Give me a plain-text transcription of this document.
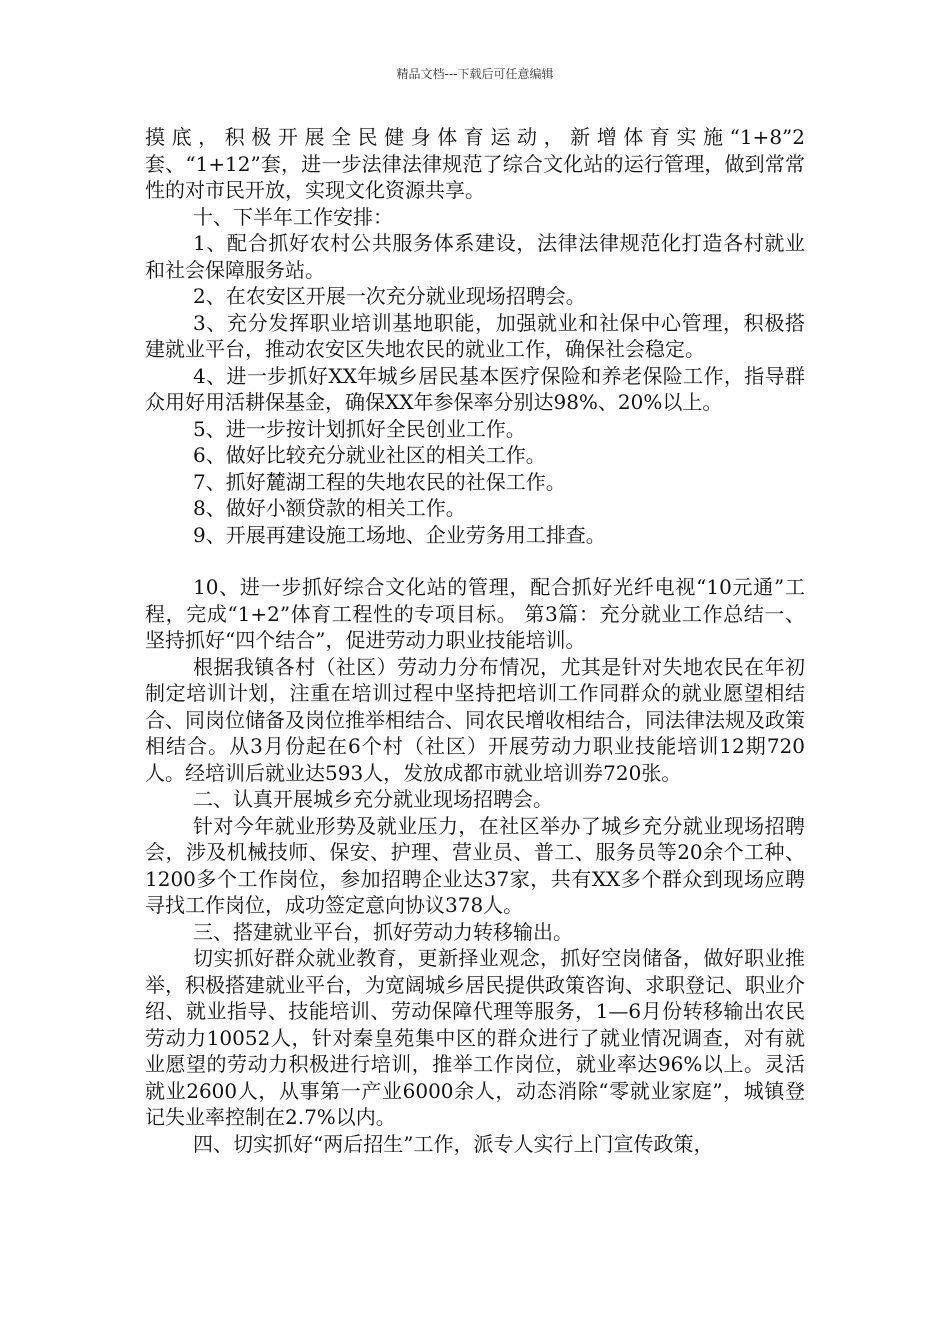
精品文档---下载后可任意编辑

摸底，积极开展全民健身体育运动，新增体育实施“1+8”2套、“1+12”套，进一步法律法律规范了综合文化站的运行管理，做到常常性的对市民开放，实现文化资源共享。

十、下半年工作安排：

1、配合抓好农村公共服务体系建设，法律法律规范化打造各村就业和社会保障服务站。

2、在农安区开展一次充分就业现场招聘会。

3、充分发挥职业培训基地职能，加强就业和社保中心管理，积极搭建就业平台，推动农安区失地农民的就业工作，确保社会稳定。

4、进一步抓好XX年城乡居民基本医疗保险和养老保险工作，指导群众用好用活耕保基金，确保XX年参保率分别达98%、20%以上。

5、进一步按计划抓好全民创业工作。

6、做好比较充分就业社区的相关工作。

7、抓好麓湖工程的失地农民的社保工作。

8、做好小额贷款的相关工作。

9、开展再建设施工场地、企业劳务用工排查。

10、进一步抓好综合文化站的管理，配合抓好光纤电视“10元通”工程，完成“1+2”体育工程性的专项目标。 第3篇：充分就业工作总结一、坚持抓好“四个结合”，促进劳动力职业技能培训。

根据我镇各村（社区）劳动力分布情况，尤其是针对失地农民在年初制定培训计划，注重在培训过程中坚持把培训工作同群众的就业愿望相结合、同岗位储备及岗位推举相结合、同农民增收相结合，同法律法规及政策相结合。从3月份起在6个村（社区）开展劳动力职业技能培训12期720人。经培训后就业达593人，发放成都市就业培训券720张。

二、认真开展城乡充分就业现场招聘会。

针对今年就业形势及就业压力，在社区举办了城乡充分就业现场招聘会，涉及机械技师、保安、护理、营业员、普工、服务员等20余个工种、1200多个工作岗位，参加招聘企业达37家，共有XX多个群众到现场应聘寻找工作岗位，成功签定意向协议378人。

三、搭建就业平台，抓好劳动力转移输出。

切实抓好群众就业教育，更新择业观念，抓好空岗储备，做好职业推举，积极搭建就业平台，为宽阔城乡居民提供政策咨询、求职登记、职业介绍、就业指导、技能培训、劳动保障代理等服务，1—6月份转移输出农民劳动力10052人，针对秦皇苑集中区的群众进行了就业情况调查，对有就业愿望的劳动力积极进行培训，推举工作岗位，就业率达96%以上。灵活就业2600人，从事第一产业6000余人，动态消除“零就业家庭”，城镇登记失业率控制在2.7%以内。

四、切实抓好“两后招生”工作，派专人实行上门宣传政策，
